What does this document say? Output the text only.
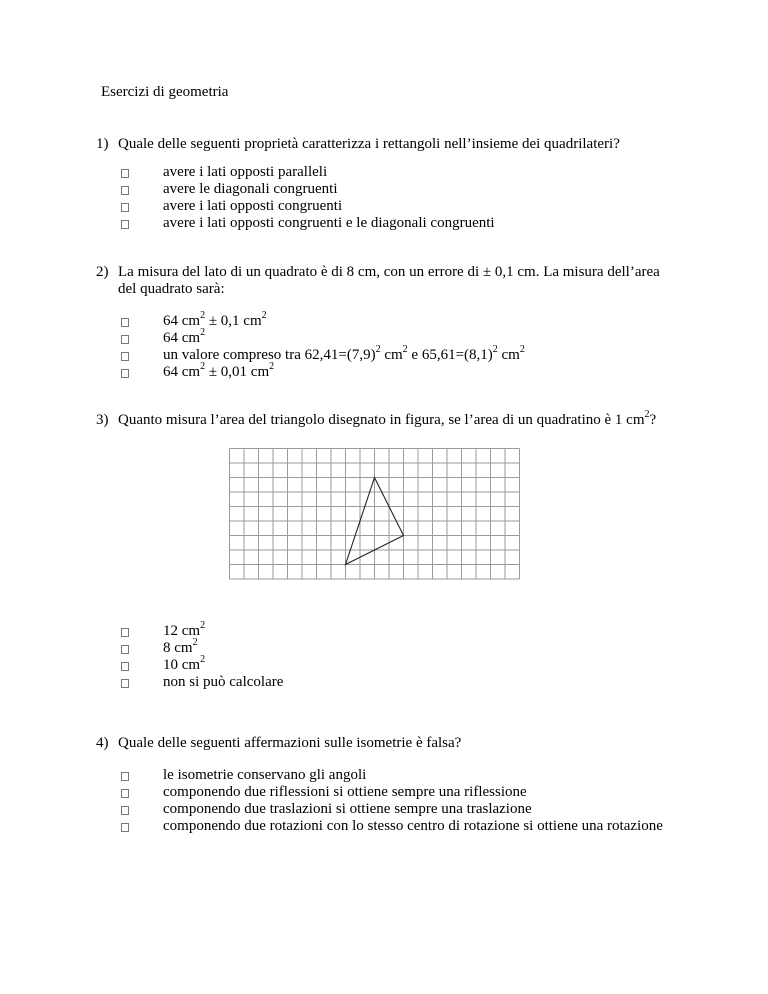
Esercizi di geometria
1) Quale delle seguenti proprietà caratterizza i rettangoli nell’insieme dei quadrilateri?
avere i lati opposti paralleli
avere le diagonali congruenti
avere i lati opposti congruenti
avere i lati opposti congruenti e le diagonali congruenti
2) La misura del lato di un quadrato è di 8 cm, con un errore di ± 0,1 cm. La misura dell’area
del quadrato sarà:
64 $cm^2 \pm 0,1$ $cm^2$
64 $cm^2$
un valore compreso tra $62,41=(7,9)^2$ $cm^2$ e $65,61=(8,1)^2$ $cm^2$
64 $cm^2 \pm 0,01$ $cm^2$
3) Quanto misura l’area del triangolo disegnato in figura, se l’area di un quadratino è 1 $cm^2$?
·	·
·
·
12 $cm^2$
8 $cm^2$
10 $cm^2$
non si può calcolare
4) Quale delle seguenti affermazioni sulle isometrie è falsa?
le isometrie conservano gli angoli
componendo due riflessioni si ottiene sempre una riflessione
componendo due traslazioni si ottiene sempre una traslazione
componendo due rotazioni con lo stesso centro di rotazione si ottiene una rotazione
